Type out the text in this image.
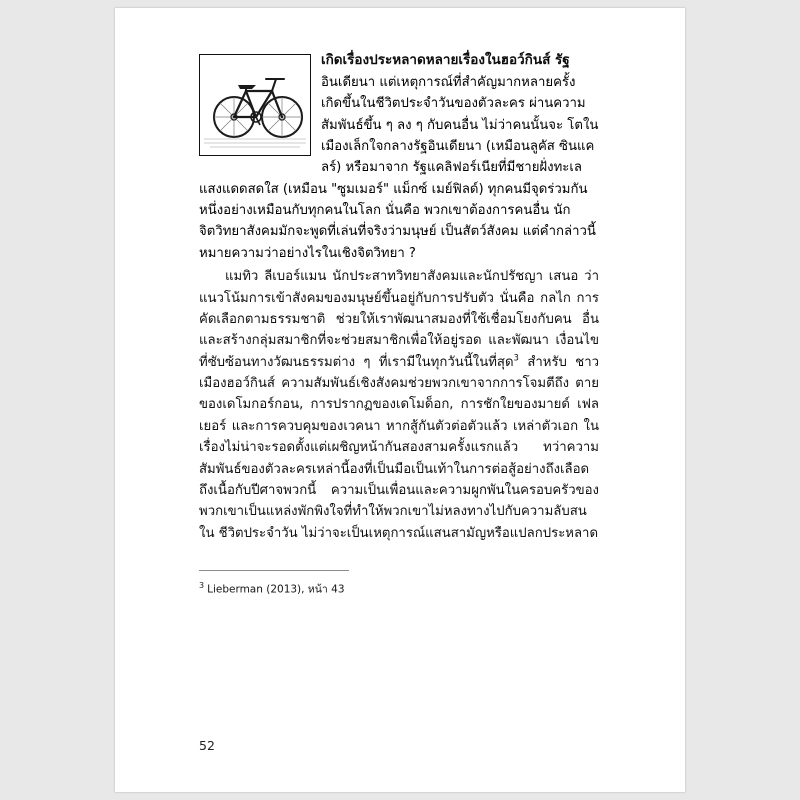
เกิดเรื่องประหลาดหลายเรื่องในฮอว์กินส์ รัฐ   อินเดียนา แต่เหตุการณ์ที่สำคัญมากหลายครั้ง เกิดขึ้นในชีวิตประจำวันของตัวละคร ผ่านความ สัมพันธ์ขึ้น ๆ ลง ๆ กับคนอื่น ไม่ว่าคนนั้นจะ โตในเมืองเล็กใจกลางรัฐอินเดียนา (เหมือนลูคัส ซินแคลร์) หรือมาจาก รัฐแคลิฟอร์เนียที่มีชายฝั่งทะเลแสงแดดสดใส (เหมือน "ซูมเมอร์" แม็กซ์ เมย์ฟิลด์) ทุกคนมีจุดร่วมกันหนึ่งอย่างเหมือนกับทุกคนในโลก นั่นคือ พวกเขาต้องการคนอื่น นักจิตวิทยาสังคมมักจะพูดที่เล่นที่จริงว่ามนุษย์ เป็นสัตว์สังคม แต่คำกล่าวนี้หมายความว่าอย่างไรในเชิงจิตวิทยา ?

แมทิว ลีเบอร์แมน นักประสาทวิทยาสังคมและนักปรัชญา เสนอ ว่าแนวโน้มการเข้าสังคมของมนุษย์ขึ้นอยู่กับการปรับตัว นั่นคือ กลไก การคัดเลือกตามธรรมชาติ ช่วยให้เราพัฒนาสมองที่ใช้เชื่อมโยงกับคน อื่นและสร้างกลุ่มสมาชิกที่จะช่วยสมาชิกเพื่อให้อยู่รอด และพัฒนา เงื่อนไขที่ซับซ้อนทางวัฒนธรรมต่าง ๆ ที่เรามีในทุกวันนี้ในที่สุด$^3$ สำหรับ ชาวเมืองฮอว์กินส์ ความสัมพันธ์เชิงสังคมช่วยพวกเขาจากการโจมตีถึง ตายของเดโมกอร์กอน, การปรากฏของเดโมด็อก, การชักใยของมายด์ เฟลเยอร์ และการควบคุมของเวคนา หากสู้กันตัวต่อตัวแล้ว เหล่าตัวเอก ในเรื่องไม่น่าจะรอดตั้งแต่เผชิญหน้ากันสองสามครั้งแรกแล้ว ทว่าความ สัมพันธ์ของตัวละครเหล่านี้องที่เป็นมือเป็นเท้าในการต่อสู้อย่างถึงเลือด ถึงเนื้อกับปีศาจพวกนี้ ความเป็นเพื่อนและความผูกพันในครอบครัวของ พวกเขาเป็นแหล่งพักพิงใจที่ทำให้พวกเขาไม่หลงทางไปกับความลับสนใน ชีวิตประจำวัน ไม่ว่าจะเป็นเหตุการณ์แสนสามัญหรือแปลกประหลาด

$^3$ Lieberman (2013), หน้า 43
52
